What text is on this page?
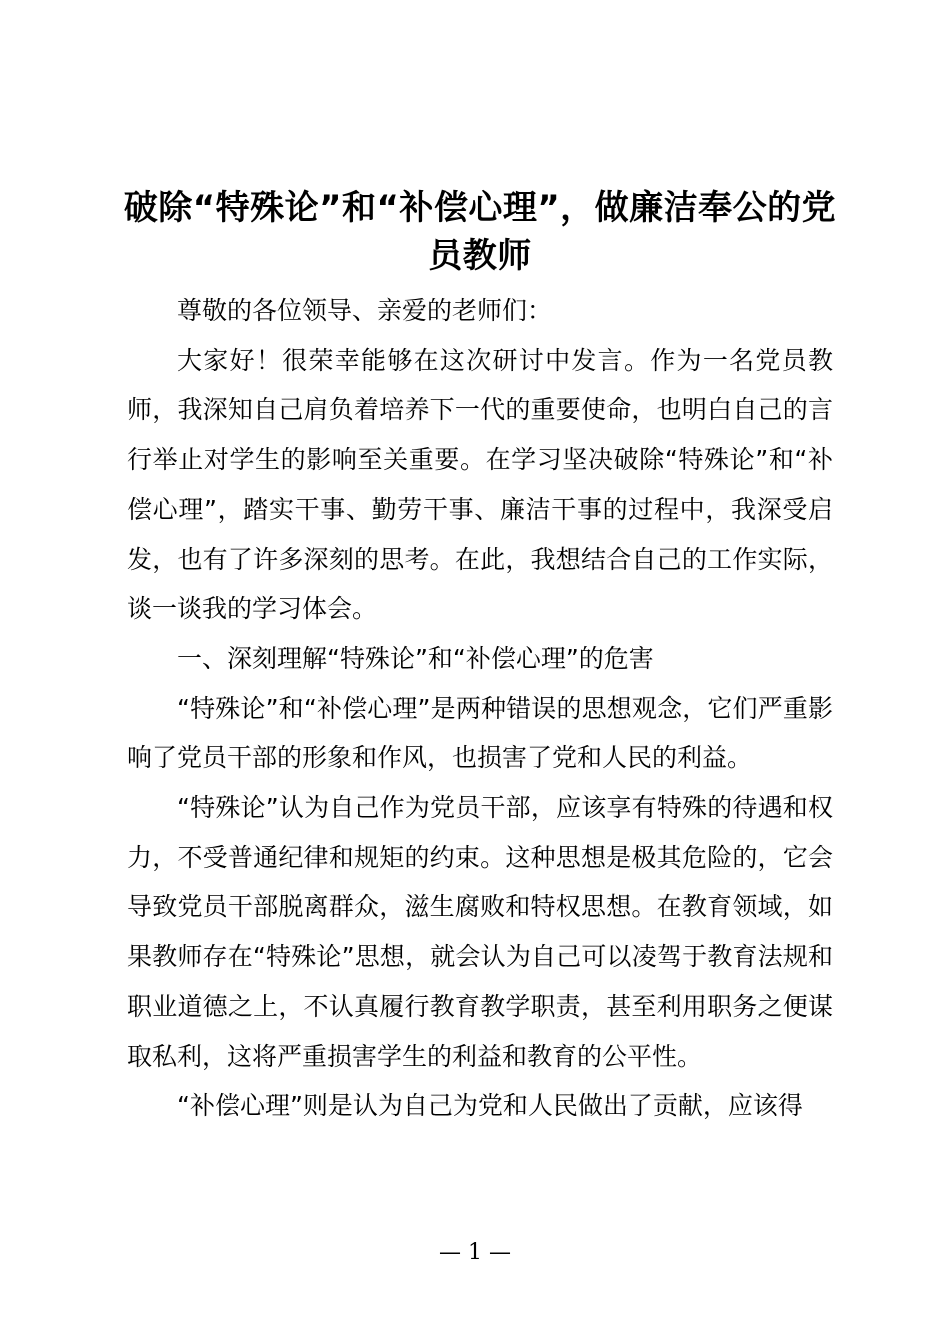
破除“特殊论”和“补偿心理”，做廉洁奉公的党员教师

尊敬的各位领导、亲爱的老师们：

大家好！很荣幸能够在这次研讨中发言。作为一名党员教师，我深知自己肩负着培养下一代的重要使命，也明白自己的言行举止对学生的影响至关重要。在学习坚决破除“特殊论”和“补偿心理”，踏实干事、勤劳干事、廉洁干事的过程中，我深受启发，也有了许多深刻的思考。在此，我想结合自己的工作实际，谈一谈我的学习体会。

一、深刻理解“特殊论”和“补偿心理”的危害

“特殊论”和“补偿心理”是两种错误的思想观念，它们严重影响了党员干部的形象和作风，也损害了党和人民的利益。

“特殊论”认为自己作为党员干部，应该享有特殊的待遇和权力，不受普通纪律和规矩的约束。这种思想是极其危险的，它会导致党员干部脱离群众，滋生腐败和特权思想。在教育领域，如果教师存在“特殊论”思想，就会认为自己可以凌驾于教育法规和职业道德之上，不认真履行教育教学职责，甚至利用职务之便谋取私利，这将严重损害学生的利益和教育的公平性。

“补偿心理”则是认为自己为党和人民做出了贡献，应该得

— 1 —
